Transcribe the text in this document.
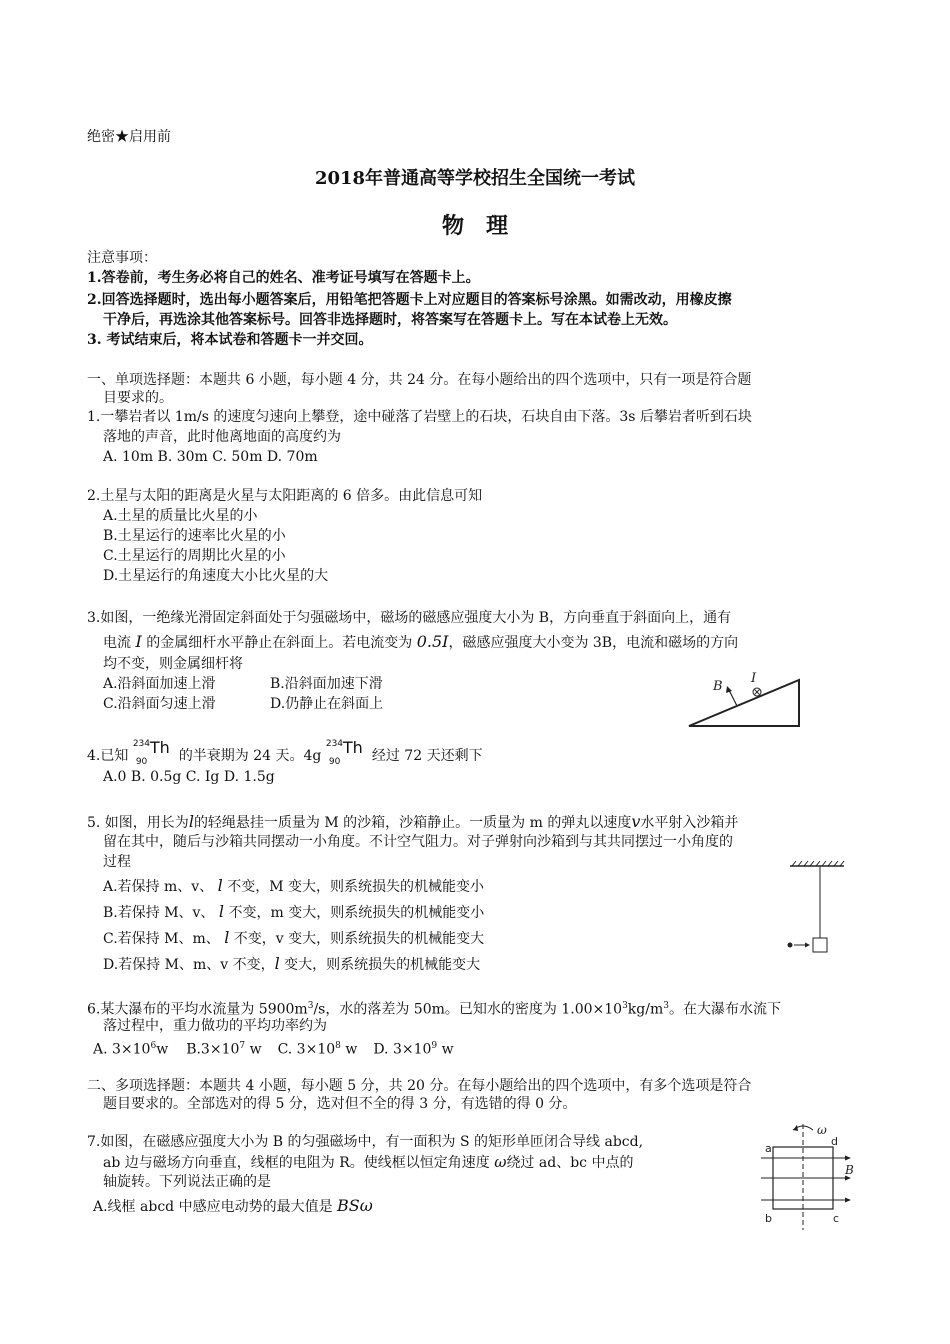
绝密★启用前
2018年普通高等学校招生全国统一考试
物　理
注意事项：
1.答卷前，考生务必将自己的姓名、准考证号填写在答题卡上。
2.回答选择题时，选出每小题答案后，用铅笔把答题卡上对应题目的答案标号涂黑。如需改动，用橡皮擦
干净后，再选涂其他答案标号。回答非选择题时，将答案写在答题卡上。写在本试卷上无效。
3. 考试结束后，将本试卷和答题卡一并交回。
一、单项选择题：本题共 6 小题，每小题 4 分，共 24 分。在每小题给出的四个选项中，只有一项是符合题
目要求的。
1.一攀岩者以 1m/s 的速度匀速向上攀登，途中碰落了岩壁上的石块，石块自由下落。3s 后攀岩者听到石块
落地的声音，此时他离地面的高度约为
A. 10m B. 30m C. 50m D. 70m
2.土星与太阳的距离是火星与太阳距离的 6 倍多。由此信息可知
A.土星的质量比火星的小
B.土星运行的速率比火星的小
C.土星运行的周期比火星的小
D.土星运行的角速度大小比火星的大
3.如图，一绝缘光滑固定斜面处于匀强磁场中，磁场的磁感应强度大小为 B，方向垂直于斜面向上，通有
电流 I 的金属细杆水平静止在斜面上。若电流变为 0.5I，磁感应强度大小变为 3B，电流和磁场的方向
均不变，则金属细杆将
A.沿斜面加速上滑	B.沿斜面加速下滑
C.沿斜面匀速上滑	D.仍静止在斜面上
B
I
4.已知
234
90
Th 的半衰期为 24 天。4g
234
90
Th 经过 72 天还剩下
A.0 B. 0.5g C. Ig D. 1.5g
5. 如图，用长为l的轻绳悬挂一质量为 M 的沙箱，沙箱静止。一质量为 m 的弹丸以速度v水平射入沙箱并
留在其中，随后与沙箱共同摆动一小角度。不计空气阻力。对子弹射向沙箱到与其共同摆过一小角度的
过程
A.若保持 m、v、 l 不变，M 变大，则系统损失的机械能变小
B.若保持 M、v、 l 不变，m 变大，则系统损失的机械能变小
C.若保持 M、m、 l 不变，v 变大，则系统损失的机械能变大
D.若保持 M、m、v 不变，l 变大，则系统损失的机械能变大
6.某大瀑布的平均水流量为 $5900m^3/s$，水的落差为 50m。已知水的密度为 $1.00\times 10^3kg/m^3$。在大瀑布水流下
落过程中，重力做功的平均功率约为
A. $3\times 10^6w$ $B.3\times 10^7$ w C. $3\times 10^8$ w D. $3\times 10^9$ w
二、多项选择题：本题共 4 小题，每小题 5 分，共 20 分。在每小题给出的四个选项中，有多个选项是符合
题目要求的。全部选对的得 5 分，选对但不全的得 3 分，有选错的得 0 分。
7.如图，在磁感应强度大小为 B 的匀强磁场中，有一面积为 S 的矩形单匝闭合导线 abcd,
ab 边与磁场方向垂直，线框的电阻为 R。使线框以恒定角速度 ω绕过 ad、bc 中点的
轴旋转。下列说法正确的是
A.线框 abcd 中感应电动势的最大值是 BSω
a
d
b	c
B
ω
